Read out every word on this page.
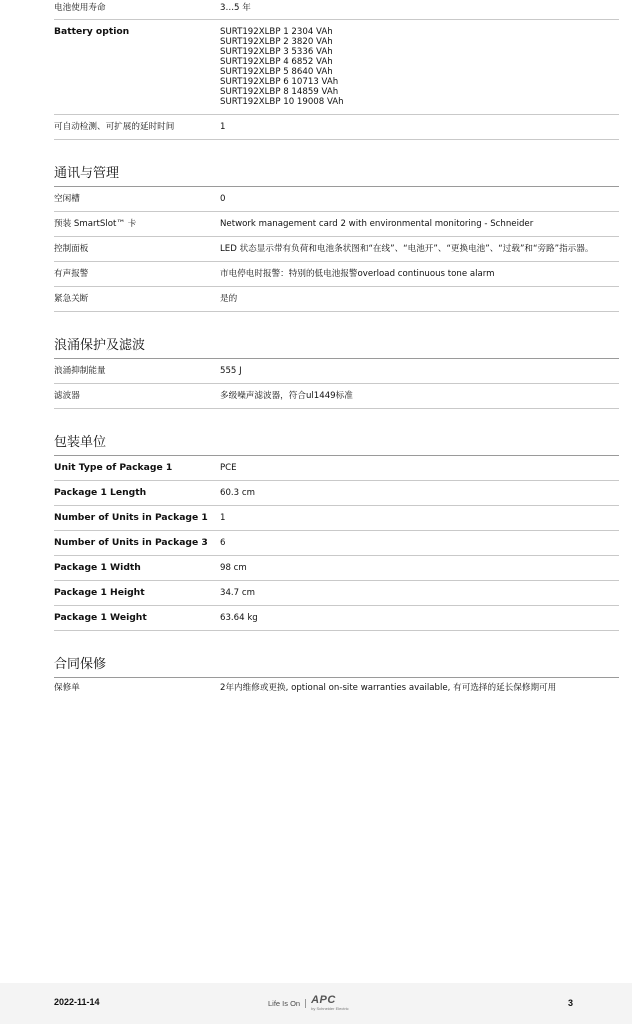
电池使用寿命	3…5 年
Battery option	SURT192XLBP 1 2304 VAh
SURT192XLBP 2 3820 VAh
SURT192XLBP 3 5336 VAh
SURT192XLBP 4 6852 VAh
SURT192XLBP 5 8640 VAh
SURT192XLBP 6 10713 VAh
SURT192XLBP 8 14859 VAh
SURT192XLBP 10 19008 VAh
可自动检测、可扩展的延时时间	1
通讯与管理
空闲槽	0
预装 SmartSlot™ 卡	Network management card 2 with environmental monitoring - Schneider
控制面板	LED 状态显示带有负荷和电池条状图和“在线”、“电池开”、“更换电池”、“过载”和“旁路”指示器。
有声报警	市电停电时报警：特别的低电池报警overload continuous tone alarm
紧急关断	是的
浪涌保护及滤波
浪涌抑制能量	555 J
滤波器	多级噪声滤波器，符合ul1449标准
包装单位
Unit Type of Package 1	PCE
Package 1 Length	60.3 cm
Number of Units in Package 1	1
Number of Units in Package 3	6
Package 1 Width	98 cm
Package 1 Height	34.7 cm
Package 1 Weight	63.64 kg
合同保修
保修单	2年内维修或更换, optional on-site warranties available, 有可选择的延长保修期可用
2022-11-14	Life Is On	APC
by Schneider Electric
3
